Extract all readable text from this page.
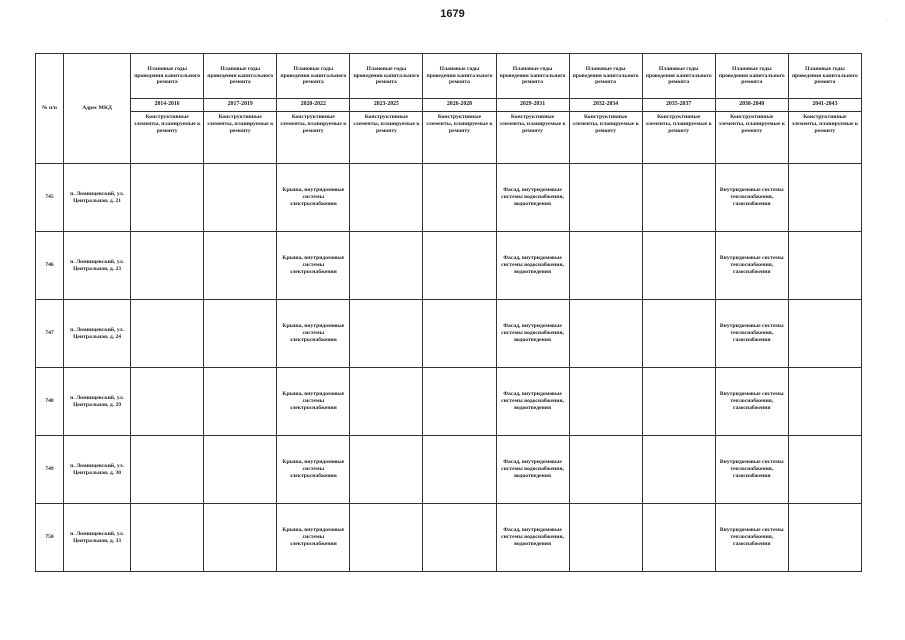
1679
·
№ п/п	Адрес МКД	Плановые годы проведения капитального ремонта	Плановые годы проведения капитального ремонта	Плановые годы проведения капитального ремонта	Плановые годы проведения капитального ремонта	Плановые годы проведения капитального ремонта	Плановые годы проведения капитального ремонта	Плановые годы проведения капитального ремонта	Плановые годы проведения капитального ремонта	Плановые годы проведения капитального ремонта	Плановые годы проведения капитального ремонта
		2014-2016	2017-2019	2020-2022	2023-2025	2026-2028	2029-2031	2032-2034	2035-2037	2038-2040	2041-2043
		Конструктивные элементы, планируемые к ремонту	Конструктивные элементы, планируемые к ремонту	Конструктивные элементы, планируемые к ремонту	Конструктивные элементы, планируемые к ремонту	Конструктивные элементы, планируемые к ремонту	Конструктивные элементы, планируемые к ремонту	Конструктивные элементы, планируемые к ремонту	Конструктивные элементы, планируемые к ремонту	Конструктивные элементы, планируемые к ремонту	Конструктивные элементы, планируемые к ремонту
745	п. Ломинцевский, ул. Центральная, д. 21			Крыша, внутридомовые системы электроснабжения			Фасад, внутридомовые системы водоснабжения, водоотведения			Внутридомовые системы теплоснабжения, газоснабжения	
746	п. Ломинцевский, ул. Центральная, д. 23			Крыша, внутридомовые системы электроснабжения			Фасад, внутридомовые системы водоснабжения, водоотведения			Внутридомовые системы теплоснабжения, газоснабжения	
747	п. Ломинцевский, ул. Центральная, д. 24			Крыша, внутридомовые системы электроснабжения			Фасад, внутридомовые системы водоснабжения, водоотведения			Внутридомовые системы теплоснабжения, газоснабжения	
748	п. Ломинцевский, ул. Центральная, д. 29			Крыша, внутридомовые системы электроснабжения			Фасад, внутридомовые системы водоснабжения, водоотведения			Внутридомовые системы теплоснабжения, газоснабжения	
749	п. Ломинцевский, ул. Центральная, д. 30			Крыша, внутридомовые системы электроснабжения			Фасад, внутридомовые системы водоснабжения, водоотведения			Внутридомовые системы теплоснабжения, газоснабжения	
750	п. Ломинцевский, ул. Центральная, д. 33			Крыша, внутридомовые системы электроснабжения			Фасад, внутридомовые системы водоснабжения, водоотведения			Внутридомовые системы теплоснабжения, газоснабжения	
